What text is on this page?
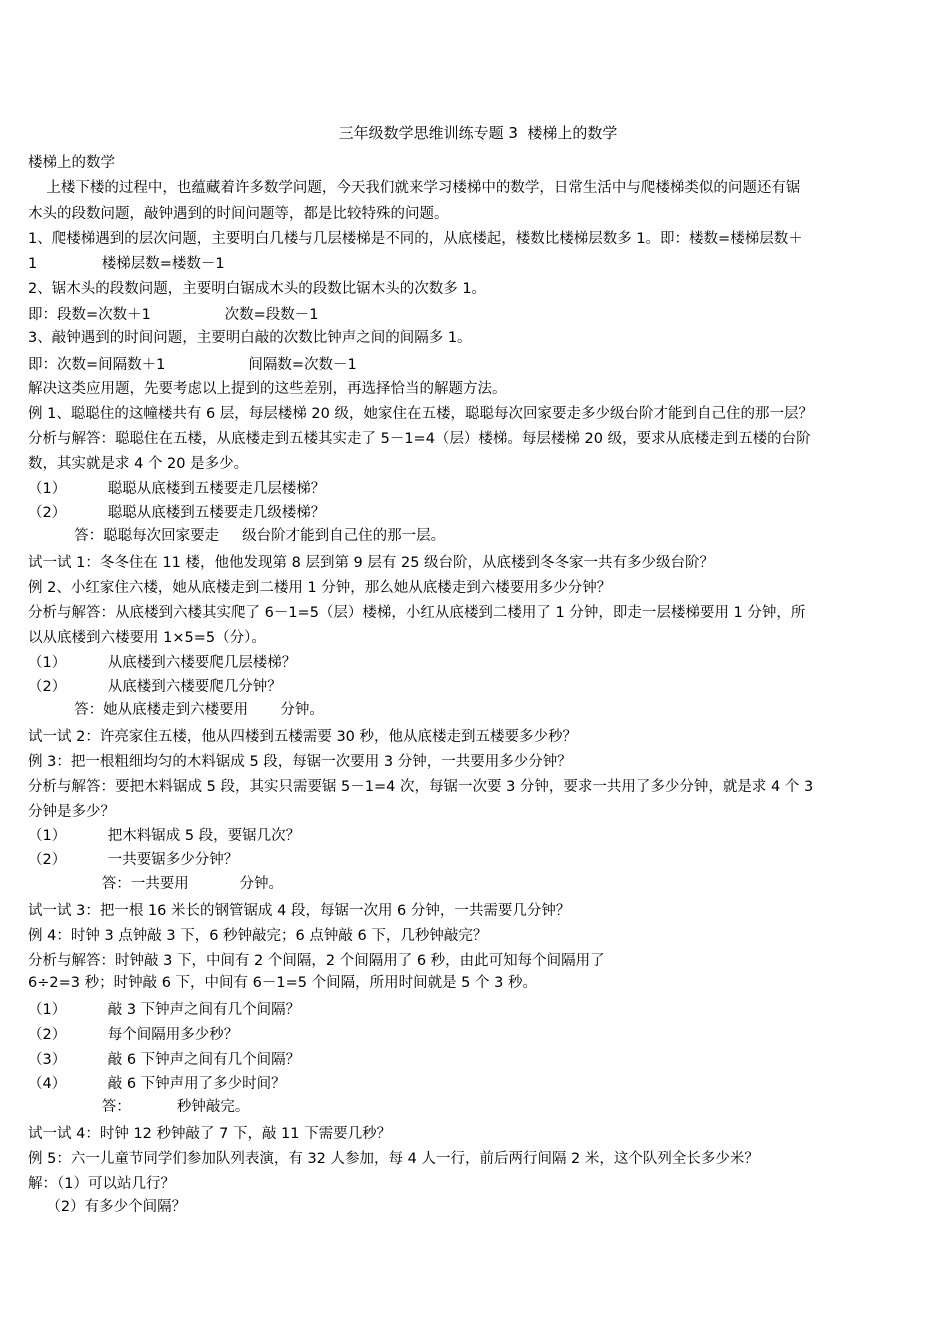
三年级数学思维训练专题 3  楼梯上的数学
楼梯上的数学
上楼下楼的过程中，也蕴藏着许多数学问题，今天我们就来学习楼梯中的数学，日常生活中与爬楼梯类似的问题还有锯
木头的段数问题，敲钟遇到的时间问题等，都是比较特殊的问题。
1、爬楼梯遇到的层次问题，主要明白几楼与几层楼梯是不同的，从底楼起，楼数比楼梯层数多 1。即：楼数=楼梯层数＋
1              楼梯层数=楼数－1
2、锯木头的段数问题，主要明白锯成木头的段数比锯木头的次数多 1。
即：段数=次数＋1                次数=段数－1
3、敲钟遇到的时间问题，主要明白敲的次数比钟声之间的间隔多 1。
即：次数=间隔数＋1                  间隔数=次数－1
解决这类应用题，先要考虑以上提到的这些差别，再选择恰当的解题方法。
例 1、聪聪住的这幢楼共有 6 层，每层楼梯 20 级，她家住在五楼，聪聪每次回家要走多少级台阶才能到自己住的那一层？
分析与解答：聪聪住在五楼，从底楼走到五楼其实走了 5－1=4（层）楼梯。每层楼梯 20 级，要求从底楼走到五楼的台阶
数，其实就是求 4 个 20 是多少。
（1）         聪聪从底楼到五楼要走几层楼梯？
（2）         聪聪从底楼到五楼要走几级楼梯？
答：聪聪每次回家要走     级台阶才能到自己住的那一层。
试一试 1：冬冬住在 11 楼，他他发现第 8 层到第 9 层有 25 级台阶，从底楼到冬冬家一共有多少级台阶？
例 2、小红家住六楼，她从底楼走到二楼用 1 分钟，那么她从底楼走到六楼要用多少分钟？
分析与解答：从底楼到六楼其实爬了 6－1=5（层）楼梯，小红从底楼到二楼用了 1 分钟，即走一层楼梯要用 1 分钟，所
以从底楼到六楼要用 1×5=5（分）。
（1）         从底楼到六楼要爬几层楼梯？
（2）         从底楼到六楼要爬几分钟？
答：她从底楼走到六楼要用       分钟。
试一试 2：许亮家住五楼，他从四楼到五楼需要 30 秒，他从底楼走到五楼要多少秒？
例 3：把一根粗细均匀的木料锯成 5 段，每锯一次要用 3 分钟，一共要用多少分钟？
分析与解答：要把木料锯成 5 段，其实只需要锯 5－1=4 次，每锯一次要 3 分钟，要求一共用了多少分钟，就是求 4 个 3
分钟是多少？
（1）         把木料锯成 5 段，要锯几次？
（2）         一共要锯多少分钟？
答：一共要用           分钟。
试一试 3：把一根 16 米长的钢管锯成 4 段，每锯一次用 6 分钟，一共需要几分钟？
例 4：时钟 3 点钟敲 3 下，6 秒钟敲完；6 点钟敲 6 下，几秒钟敲完？
分析与解答：时钟敲 3 下，中间有 2 个间隔，2 个间隔用了 6 秒，由此可知每个间隔用了
6÷2=3 秒；时钟敲 6 下，中间有 6－1=5 个间隔，所用时间就是 5 个 3 秒。
（1）         敲 3 下钟声之间有几个间隔？
（2）         每个间隔用多少秒？
（3）         敲 6 下钟声之间有几个间隔？
（4）         敲 6 下钟声用了多少时间？
答：          秒钟敲完。
试一试 4：时钟 12 秒钟敲了 7 下，敲 11 下需要几秒？
例 5：六一儿童节同学们参加队列表演，有 32 人参加，每 4 人一行，前后两行间隔 2 米，这个队列全长多少米？
解：（1）可以站几行？
（2）有多少个间隔？
